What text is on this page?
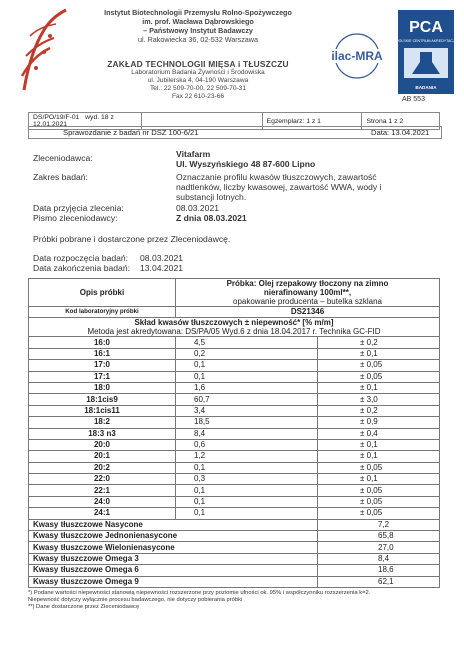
Instytut Biotechnologii Przemysłu Rolno-Spożywczego
im. prof. Wacława Dąbrowskiego
– Państwowy Instytut Badawczy
ul. Rakowiecka 36, 02-532 Warszawa
ZAKŁAD TECHNOLOGII MIĘSA i TŁUSZCZU
Laboratorium Badania Żywności i Środowiska
ul. Jubilerska 4, 04-190 Warszawa
Tel.: 22 509-70-00, 22 509-70-31
Fax 22 610-23-66
ilac-MRA
PCA
POLSKIE CENTRUM AKREDYTACJI
BADANIA
AB 553
DS/PO/19/F-01 wyd. 18 z 12.01.2021		Egzemplarz: 1 z 1	Strona 1 z 2
Sprawozdanie z badań nr DSZ 100-6/21	Data: 13.04.2021
Zleceniodawca:	Vitafarm
Ul. Wyszyńskiego 48 87-600 Lipno
Zakres badań:	Oznaczanie profilu kwasów tłuszczowych, zawartość
nadtlenków, liczby kwasowej, zawartość WWA, wody i
substancji lotnych.
Data przyjęcia zlecenia:	08.03.2021
Pismo zleceniodawcy:	Z dnia 08.03.2021
Próbki pobrane i dostarczone przez Zleceniodawcę.
Data rozpoczęcia badań: 08.03.2021
Data zakończenia badań: 13.04.2021
Opis próbki	Próbka: Olej rzepakowy tłoczony na zimno
nierafinowany 100ml**,
opakowanie producenta – butelka szklana	

Kod laboratoryjny próbki	DS21346	

Skład kwasów tłuszczowych ± niepewność* [% m/m]
Metoda jest akredytowana: DS/PA/05 Wyd.6 z dnia 18.04.2017 r. Technika GC-FID		

16:0	4,5	± 0,2
16:1	0,2	± 0,1
17:0	0,1	± 0,05
17:1	0,1	± 0,05
18:0	1,6	± 0,1
18:1cis9	60,7	± 3,0
18:1cis11	3,4	± 0,2
18:2	18,5	± 0,9
18:3 n3	8,4	± 0,4
20:0	0,6	± 0,1
20:1	1,2	± 0,1
20:2	0,1	± 0,05
22:0	0,3	± 0,1
22:1	0,1	± 0,05
24:0	0,1	± 0,05
24:1	0,1	± 0,05
Kwasy tłuszczowe Nasycone		7,2
Kwasy tłuszczowe Jednonienasycone		65,8
Kwasy tłuszczowe Wielonienasycone		27,0
Kwasy tłuszczowe Omega 3		8,4
Kwasy tłuszczowe Omega 6		18,6
Kwasy tłuszczowe Omega 9		62,1
*) Podane wartości niepewności stanowią niepewności rozszerzone przy poziomie ufności ok. 95% i współczynniku rozszerzenia k=2.
Niepewność dotyczy wyłącznie procesu badawczego, nie dotyczy pobierania próbki
**) Dane dostarczone przez Zleceniodawcę
